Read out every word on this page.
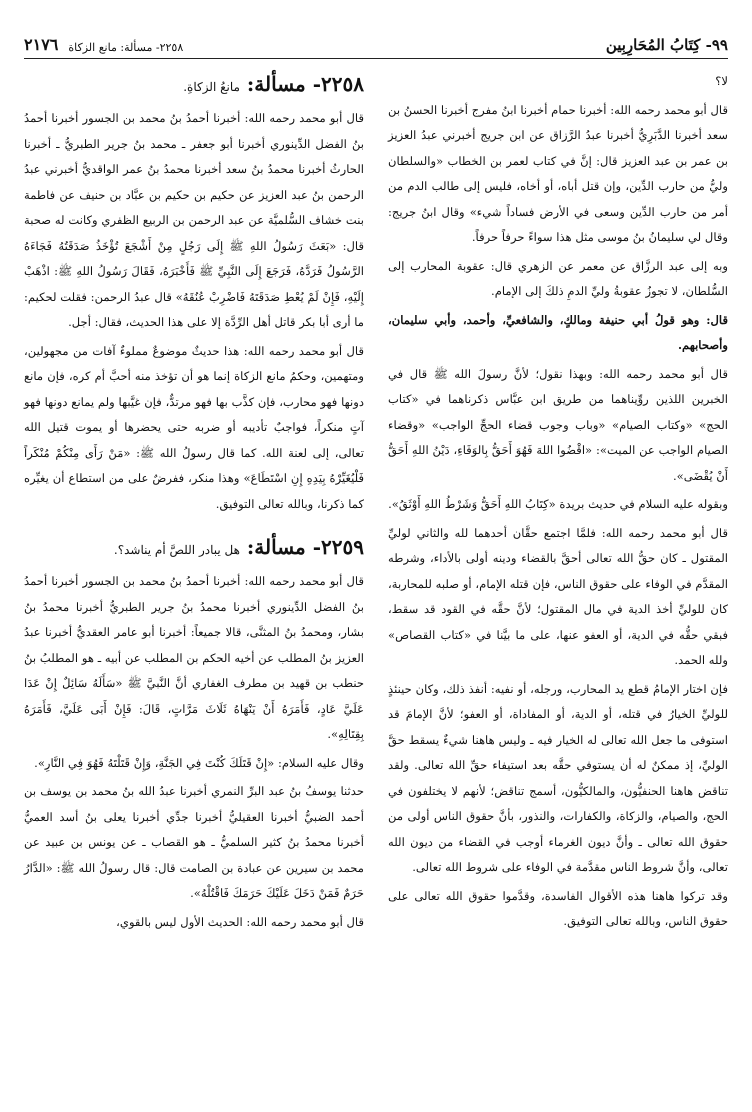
٢١٧٦ ٢٢٥٨- مسألة: مانع الزكاة	٩٩- كِتَابُ المُحَارِبِين

لا؟

قال أبو محمد رحمه الله: أخبرنا حمام أخبرنا ابنُ مفرج أخبرنا الحسنُ بن سعد أخبرنا الدَّبَرِيُّ أخبرنا عبدُ الرَّزاق عن ابن جريج أخبرني عبدُ العزيز بن عمر بن عبد العزيز قال: إنَّ في كتاب لعمر بن الخطاب «والسلطان وليُّ من حارب الدِّين، وإن قتل أباه، أو أخاه، فليس إلى طالب الدم من أمر من حارب الدِّين وسعى في الأرض فساداً شيء» وقال ابنُ جريج: وقال لي سليمانُ بنُ موسى مثل هذا سواءً حرفاً حرفاً.

وبه إلى عبد الرزَّاق عن معمر عن الزهري قال: عقوبة المحارب إلى السُّلطان، لا تجوزُ عقوبةُ وليِّ الدمِ ذلكَ إلى الإمام.

قال: وهو قولُ أبي حنيفة ومالكٍ، والشافعيِّ، وأحمد، وأبي سليمان، وأصحابهم.

قال أبو محمد رحمه الله: وبهذا نقول؛ لأنَّ رسولَ الله ﷺ قال في الخبرين اللذين روِّيناهما من طريق ابن عبَّاس ذكرناهما في «كتاب الحج» «وكتاب الصيام» «وباب وجوب قضاء الحجِّ الواجب» «وقضاء الصيام الواجب عن الميت»: «اقْضُوا اللهَ فَهُوَ أَحَقُّ بِالوَفَاءِ، دَيْنُ اللهِ أَحَقُّ أَنْ يُقْضَى».

وبقوله عليه السلام في حديث بريدة «كِتَابُ اللهِ أَحَقُّ وَشَرْطُ اللهِ أَوْثَقُ».

قال أبو محمد رحمه الله: فلمَّا اجتمع حقَّان أحدهما لله والثاني لوليِّ المقتول ـ كان حقُّ الله تعالى أحقَّ بالقضاء ودينه أولى بالأداء، وشرطه المقدَّم في الوفاء على حقوق الناس، فإن قتله الإمام، أو صلبه للمحاربة، كان للوليِّ أخذ الدية في مال المقتول؛ لأنَّ حقَّه في القود قد سقط، فبقي حقُّه في الدية، أو العفو عنها، على ما بيَّنا في «كتاب القصاص» ولله الحمد.

فإن اختار الإمامُ قطع يد المحارب، ورجله، أو نفيه: أنفذ ذلك، وكان حينئذٍ للوليِّ الخيارُ في قتله، أو الدية، أو المفاداة، أو العفو؛ لأنَّ الإمامَ قد استوفى ما جعل الله تعالى له الخيار فيه ـ وليس هاهنا شيءٌ يسقط حقَّ الوليِّ، إذ ممكنٌ له أن يستوفي حقَّه بعد استيفاء حقِّ الله تعالى. ولقد تناقض هاهنا الحنفيُّون، والمالكيُّون، أسمج تناقض؛ لأنهم لا يختلفون في الحج، والصيام، والزكاة، والكفارات، والنذور، بأنَّ حقوق الناس أولى من حقوق الله تعالى ـ وأنَّ ديون الغرماء أوجب في القضاء من ديون الله تعالى، وأنَّ شروط الناس مقدَّمة في الوفاء على شروط الله تعالى.

وقد تركوا هاهنا هذه الأقوال الفاسدة، وقدَّموا حقوق الله تعالى على حقوق الناس، وبالله تعالى التوفيق.

٢٢٥٨- مسألة: مانعُ الزكاةِ.

قال أبو محمد رحمه الله: أخبرنا أحمدُ بنُ محمد بن الجسور أخبرنا أحمدُ بنُ الفضل الدِّينوري أخبرنا أبو جعفر ـ محمد بنُ جرير الطبريُّ ـ أخبرنا الحارثُ أخبرنا محمدُ بنُ سعد أخبرنا محمدُ بنُ عمر الواقديُّ أخبرني عبدُ الرحمن بنُ عبد العزيز عن حكيم بن حكيم بن عبَّاد بن حنيف عن فاطمة بنت خشاف السُّلميَّة عن عبد الرحمن بن الربيع الظفري وكانت له صحبة قال: «بَعَثَ رَسُولُ اللهِ ﷺ إِلَى رَجُلٍ مِنْ أَشْجَعَ تُؤْخَذُ صَدَقَتُهُ فَجَاءَهُ الرَّسُولُ فَرَدَّهُ، فَرَجَعَ إِلَى النَّبِيِّ ﷺ فَأَخْبَرَهُ، فَقَالَ رَسُولُ اللهِ ﷺ: اذْهَبْ إِلَيْهِ، فَإِنْ لَمْ يُعْطِ صَدَقَتَهُ فَاضْرِبْ عُنُقَهُ» قال عبدُ الرحمن: فقلت لحكيم: ما أرى أبا بكر قاتل أهل الرِّدَّة إلا على هذا الحديث، فقال: أجل.

قال أبو محمد رحمه الله: هذا حديثٌ موضوعٌ مملوءٌ آفات من مجهولين، ومتهمين، وحكمُ مانع الزكاة إنما هو أن تؤخذ منه أحبَّ أم كره، فإن مانع دونها فهو محارب، فإن كذَّب بها فهو مرتدٌّ، فإن غيَّبها ولم يمانع دونها فهو آتٍ منكراً، فواجبٌ تأديبه أو ضربه حتى يحضرها أو يموت قتيل الله تعالى، إلى لعنة الله. كما قال رسولُ الله ﷺ: «مَنْ رَأَى مِنْكُمْ مُنْكَراً فَلْيُغَيِّرْهُ بِيَدِهِ إِنِ اسْتَطَاعَ» وهذا منكر، ففرضٌ على من استطاع أن يغيِّره كما ذكرنا، وبالله تعالى التوفيق.

٢٢٥٩- مسألة: هل يبادر اللصَّ أم يناشد؟.

قال أبو محمد رحمه الله: أخبرنا أحمدُ بنُ محمد بن الجسور أخبرنا أحمدُ بنُ الفضل الدِّينوري أخبرنا محمدُ بنُ جرير الطبريُّ أخبرنا محمدُ بنُ بشار، ومحمدُ بنُ المثنَّى، قالا جميعاً: أخبرنا أبو عامر العقديُّ أخبرنا عبدُ العزيز بنُ المطلب عن أخيه الحكم بن المطلب عن أبيه ـ هو المطلبُ بنُ حنطب بن قهيد بن مطرف الغفاري أنَّ النَّبيَّ ﷺ «سَأَلَهُ سَائِلٌ إِنْ عَدَا عَلَيَّ عَادٍ، فَأَمَرَهُ أَنْ يَنْهَاهُ ثَلَاثَ مَرَّاتٍ، قَالَ: فَإِنْ أَبَى عَلَيَّ، فَأَمَرَهُ بِقِتَالِهِ».

وقال عليه السلام: «إِنْ قَتَلَكَ كُنْتَ فِي الجَنَّةِ، وَإِنْ قَتَلْتَهُ فَهُوَ فِي النَّارِ».

حدثنا يوسفُ بنُ عبد البرِّ النمري أخبرنا عبدُ الله بنُ محمد بن يوسف بن أحمد الضبيُّ أخبرنا العقيليُّ أخبرنا جدِّي أخبرنا يعلى بنُ أسد العميُّ أخبرنا محمدُ بنُ كثير السلميُّ ـ هو القصاب ـ عن يونس بن عبيد عن محمد بن سيرين عن عبادة بن الصامت قال: قال رسولُ الله ﷺ: «الدَّارُ حَرَمٌ فَمَنْ دَخَلَ عَلَيْكَ حَرَمَكَ فَاقْتُلْهُ».

قال أبو محمد رحمه الله: الحديث الأول ليس بالقوي،
